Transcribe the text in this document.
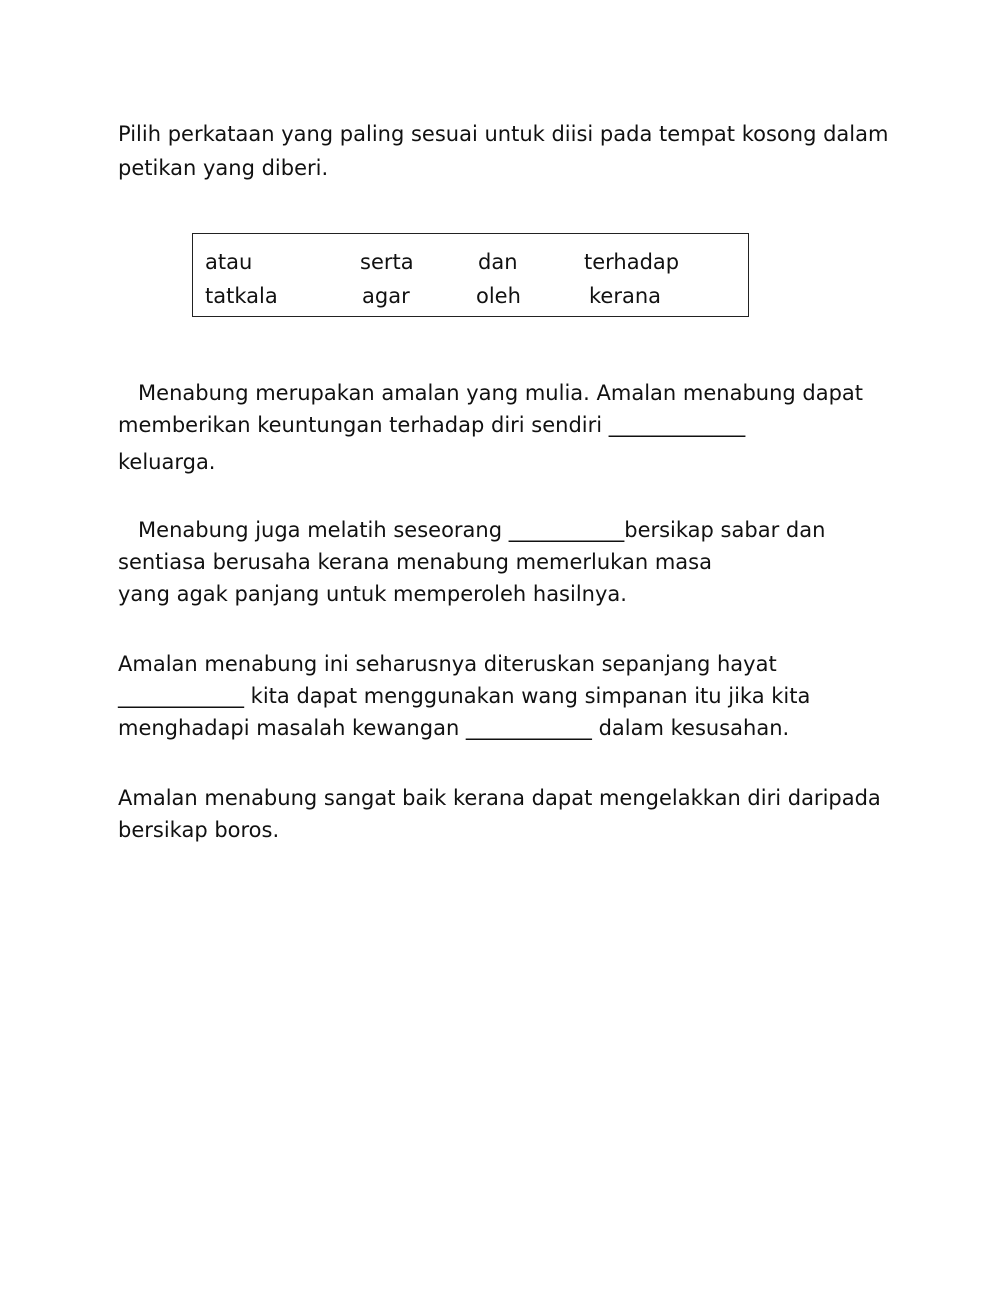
Pilih perkataan yang paling sesuai untuk diisi pada tempat kosong dalam
petikan yang diberi.
atau	serta	dan	terhadap
tatkala	agar	oleh	kerana
Menabung merupakan amalan yang mulia. Amalan menabung dapat
memberikan keuntungan terhadap diri sendiri _____________
keluarga.
Menabung juga melatih seseorang ___________bersikap sabar dan
sentiasa berusaha kerana menabung memerlukan masa
yang agak panjang untuk memperoleh hasilnya.
Amalan menabung ini seharusnya diteruskan sepanjang hayat
____________ kita dapat menggunakan wang simpanan itu jika kita
menghadapi masalah kewangan ____________ dalam kesusahan.
Amalan menabung sangat baik kerana dapat mengelakkan diri daripada
bersikap boros.
